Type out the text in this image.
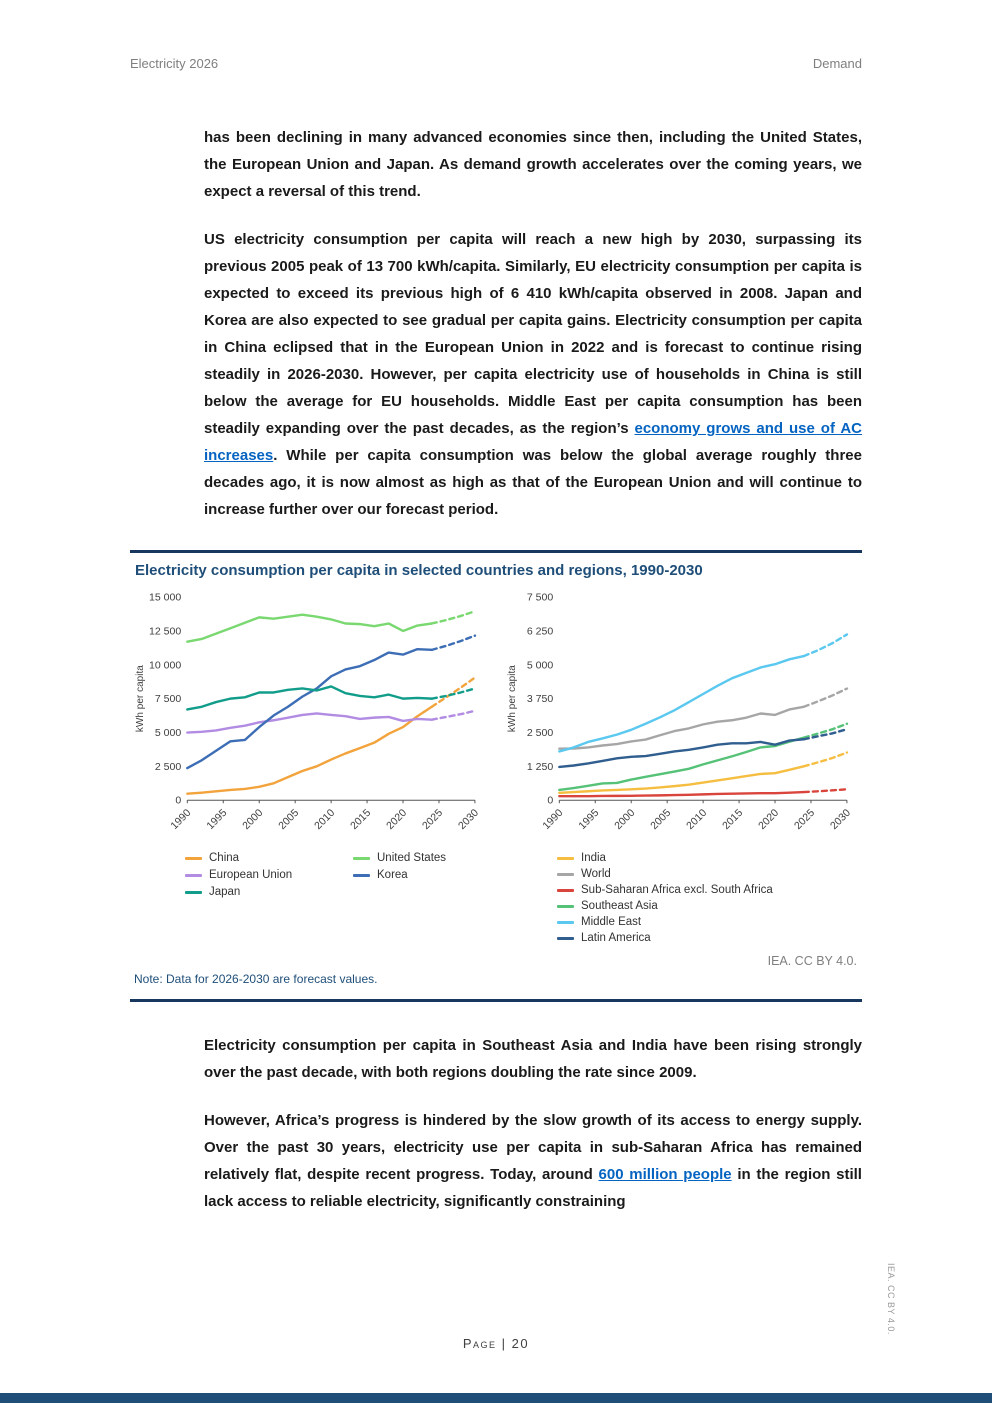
Electricity 2026	Demand

has been declining in many advanced economies since then, including the United States, the European Union and Japan. As demand growth accelerates over the coming years, we expect a reversal of this trend.

US electricity consumption per capita will reach a new high by 2030, surpassing its previous 2005 peak of 13 700 kWh/capita. Similarly, EU electricity consumption per capita is expected to exceed its previous high of 6 410 kWh/capita observed in 2008. Japan and Korea are also expected to see gradual per capita gains. Electricity consumption per capita in China eclipsed that in the European Union in 2022 and is forecast to continue rising steadily in 2026-2030. However, per capita electricity use of households in China is still below the average for EU households. Middle East per capita consumption has been steadily expanding over the past decades, as the region’s economy grows and use of AC increases. While per capita consumption was below the global average roughly three decades ago, it is now almost as high as that of the European Union and will continue to increase further over our forecast period.

Electricity consumption per capita in selected countries and regions, 1990-2030
kWh per capita
0
2 500
5 000
7 500
10 000
12 500
15 000
1990 1995 2000 2005 2010 2015 2020 2025 2030
China	United States
European Union	Korea
Japan
kWh per capita
0
1 250
2 500
3 750
5 000
6 250
7 500
1990 1995 2000 2005 2010 2015 2020 2025 2030
India
World
Sub-Saharan Africa excl. South Africa
Southeast Asia
Middle East
Latin America
IEA. CC BY 4.0.
Note: Data for 2026-2030 are forecast values.

Electricity consumption per capita in Southeast Asia and India have been rising strongly over the past decade, with both regions doubling the rate since 2009.

However, Africa’s progress is hindered by the slow growth of its access to energy supply. Over the past 30 years, electricity use per capita in sub-Saharan Africa has remained relatively flat, despite recent progress. Today, around 600 million people in the region still lack access to reliable electricity, significantly constraining

Page | 20
IEA. CC BY 4.0.
